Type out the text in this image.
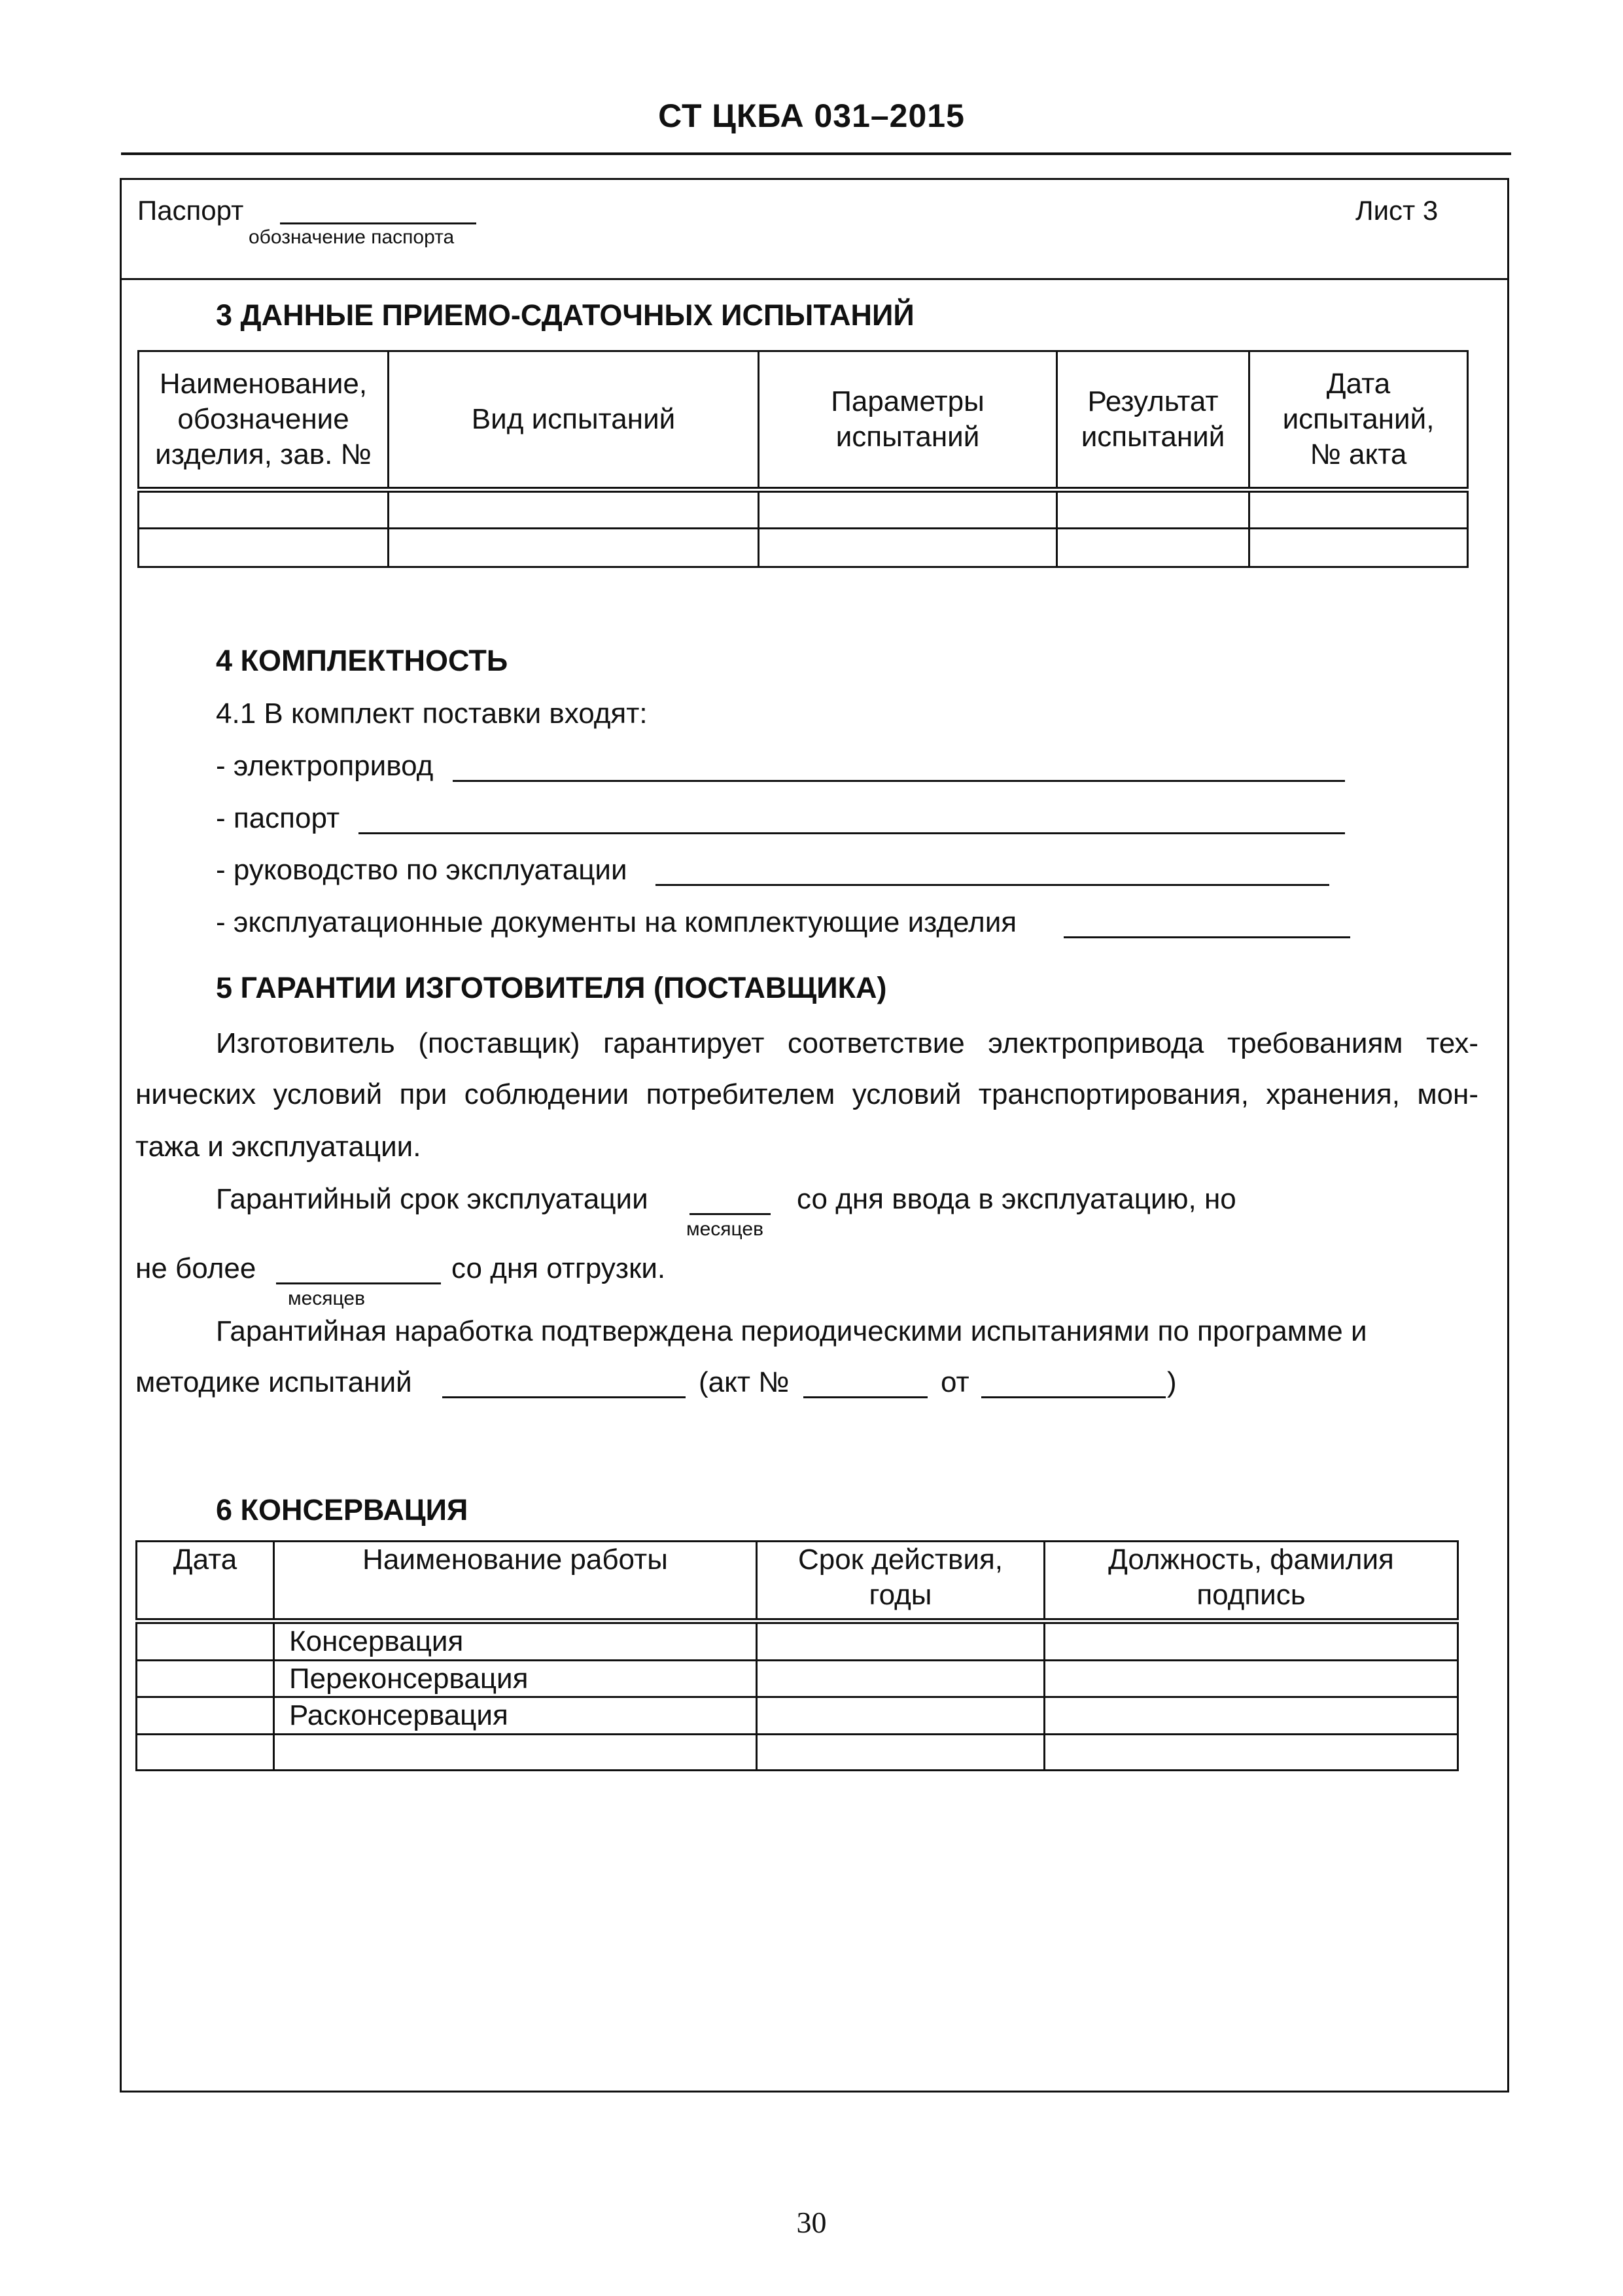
СТ ЦКБА 031–2015
Паспорт
обозначение паспорта
Лист 3
3 ДАННЫЕ ПРИЕМО-СДАТОЧНЫХ ИСПЫТАНИЙ
Наименование, обозначение изделия, зав. №	Вид испытаний	Параметры испытаний	Результат испытаний	Дата испытаний, № акта

4 КОМПЛЕКТНОСТЬ
4.1 В комплект поставки входят:
- электропривод
- паспорт
- руководство по эксплуатации
- эксплуатационные документы на комплектующие изделия
5 ГАРАНТИИ ИЗГОТОВИТЕЛЯ (ПОСТАВЩИКА)
Изготовитель (поставщик) гарантирует соответствие электропривода требованиям тех-
нических условий при соблюдении потребителем условий транспортирования, хранения, мон-
тажа и эксплуатации.
Гарантийный срок эксплуатации
месяцев
со дня ввода в эксплуатацию, но
не более
месяцев
со дня отгрузки.
Гарантийная наработка подтверждена периодическими испытаниями по программе и
методике испытаний	(акт №	от	)
6 КОНСЕРВАЦИЯ
Дата	Наименование работы	Срок действия, годы	Должность, фамилия подпись
	Консервация		
	Переконсервация		
	Расконсервация		

30
